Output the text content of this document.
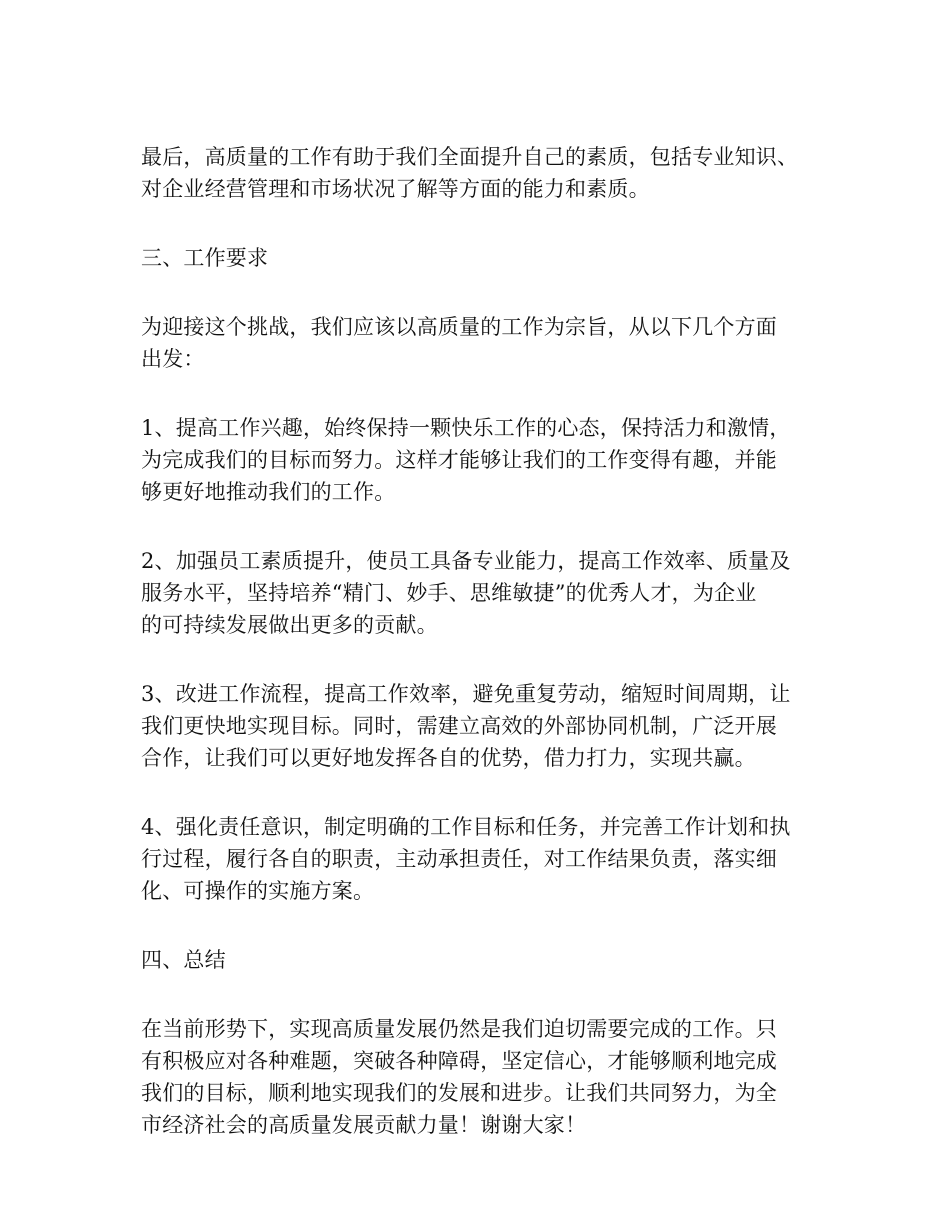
最后，高质量的工作有助于我们全面提升自己的素质，包括专业知识、
对企业经营管理和市场状况了解等方面的能力和素质。
三、工作要求
为迎接这个挑战，我们应该以高质量的工作为宗旨，从以下几个方面
出发：
1、提高工作兴趣，始终保持一颗快乐工作的心态，保持活力和激情，
为完成我们的目标而努力。这样才能够让我们的工作变得有趣，并能
够更好地推动我们的工作。
2、加强员工素质提升，使员工具备专业能力，提高工作效率、质量及
服务水平，坚持培养“精门、妙手、思维敏捷”的优秀人才，为企业
的可持续发展做出更多的贡献。
3、改进工作流程，提高工作效率，避免重复劳动，缩短时间周期，让
我们更快地实现目标。同时，需建立高效的外部协同机制，广泛开展
合作，让我们可以更好地发挥各自的优势，借力打力，实现共赢。
4、强化责任意识，制定明确的工作目标和任务，并完善工作计划和执
行过程，履行各自的职责，主动承担责任，对工作结果负责，落实细
化、可操作的实施方案。
四、总结
在当前形势下，实现高质量发展仍然是我们迫切需要完成的工作。只
有积极应对各种难题，突破各种障碍，坚定信心，才能够顺利地完成
我们的目标，顺利地实现我们的发展和进步。让我们共同努力，为全
市经济社会的高质量发展贡献力量！谢谢大家！
